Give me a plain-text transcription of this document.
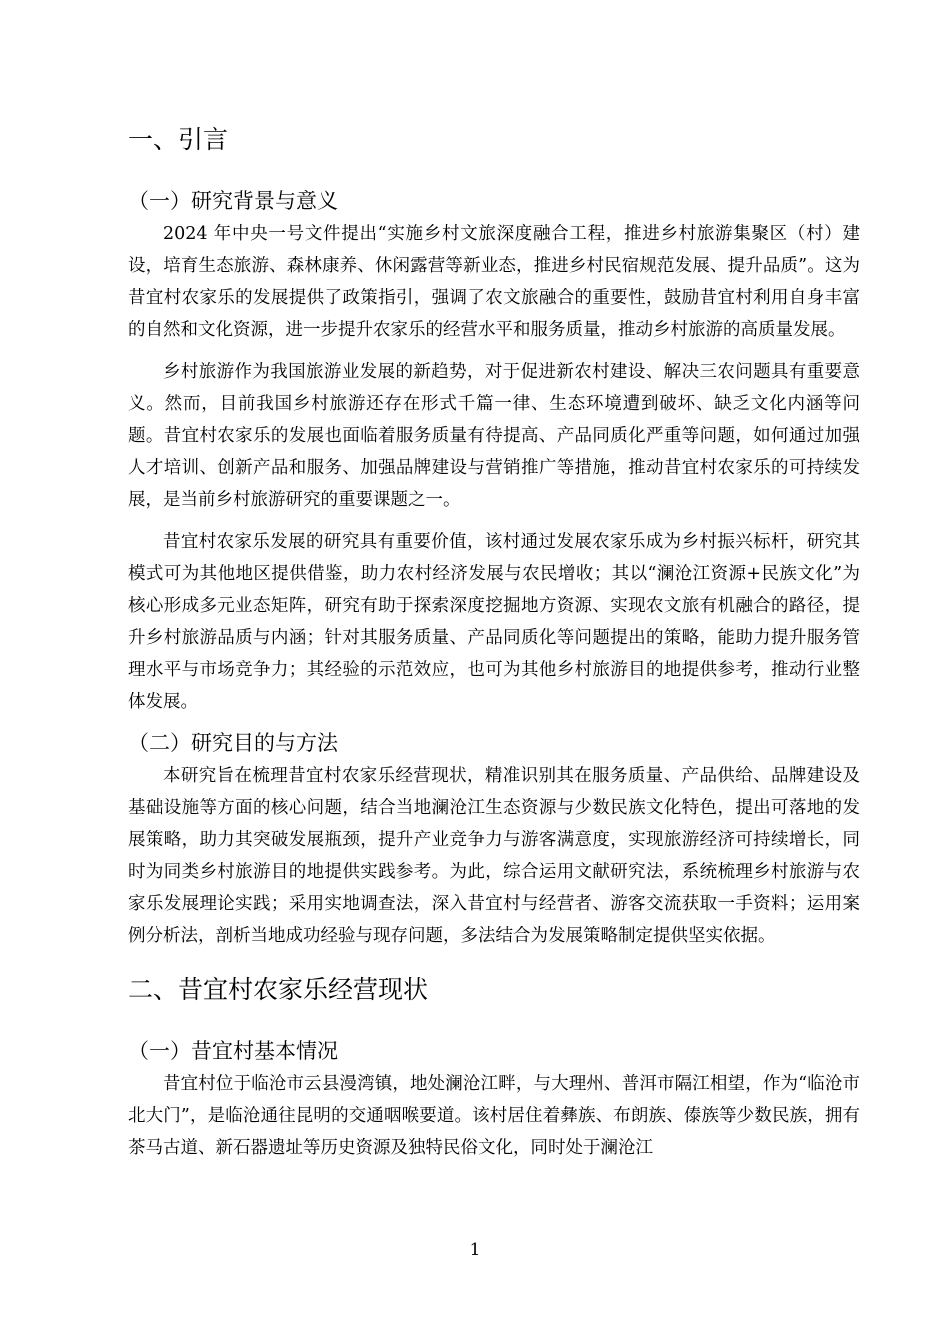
一、引言
（一）研究背景与意义

2024 年中央一号文件提出“实施乡村文旅深度融合工程，推进乡村旅游集聚区（村）建设，培育生态旅游、森林康养、休闲露营等新业态，推进乡村民宿规范发展、提升品质”。这为昔宜村农家乐的发展提供了政策指引，强调了农文旅融合的重要性，鼓励昔宜村利用自身丰富的自然和文化资源，进一步提升农家乐的经营水平和服务质量，推动乡村旅游的高质量发展。

乡村旅游作为我国旅游业发展的新趋势，对于促进新农村建设、解决三农问题具有重要意义。然而，目前我国乡村旅游还存在形式千篇一律、生态环境遭到破坏、缺乏文化内涵等问题。昔宜村农家乐的发展也面临着服务质量有待提高、产品同质化严重等问题，如何通过加强人才培训、创新产品和服务、加强品牌建设与营销推广等措施，推动昔宜村农家乐的可持续发展，是当前乡村旅游研究的重要课题之一。

昔宜村农家乐发展的研究具有重要价值，该村通过发展农家乐成为乡村振兴标杆，研究其模式可为其他地区提供借鉴，助力农村经济发展与农民增收；其以“澜沧江资源+民族文化”为核心形成多元业态矩阵，研究有助于探索深度挖掘地方资源、实现农文旅有机融合的路径，提升乡村旅游品质与内涵；针对其服务质量、产品同质化等问题提出的策略，能助力提升服务管理水平与市场竞争力；其经验的示范效应，也可为其他乡村旅游目的地提供参考，推动行业整体发展。

（二）研究目的与方法

本研究旨在梳理昔宜村农家乐经营现状，精准识别其在服务质量、产品供给、品牌建设及基础设施等方面的核心问题，结合当地澜沧江生态资源与少数民族文化特色，提出可落地的发展策略，助力其突破发展瓶颈，提升产业竞争力与游客满意度，实现旅游经济可持续增长，同时为同类乡村旅游目的地提供实践参考。为此，综合运用文献研究法，系统梳理乡村旅游与农家乐发展理论实践；采用实地调查法，深入昔宜村与经营者、游客交流获取一手资料；运用案例分析法，剖析当地成功经验与现存问题，多法结合为发展策略制定提供坚实依据。

二、昔宜村农家乐经营现状
（一）昔宜村基本情况

昔宜村位于临沧市云县漫湾镇，地处澜沧江畔，与大理州、普洱市隔江相望，作为“临沧市北大门”，是临沧通往昆明的交通咽喉要道。该村居住着彝族、布朗族、傣族等少数民族，拥有茶马古道、新石器遗址等历史资源及独特民俗文化，同时处于澜沧江

1
